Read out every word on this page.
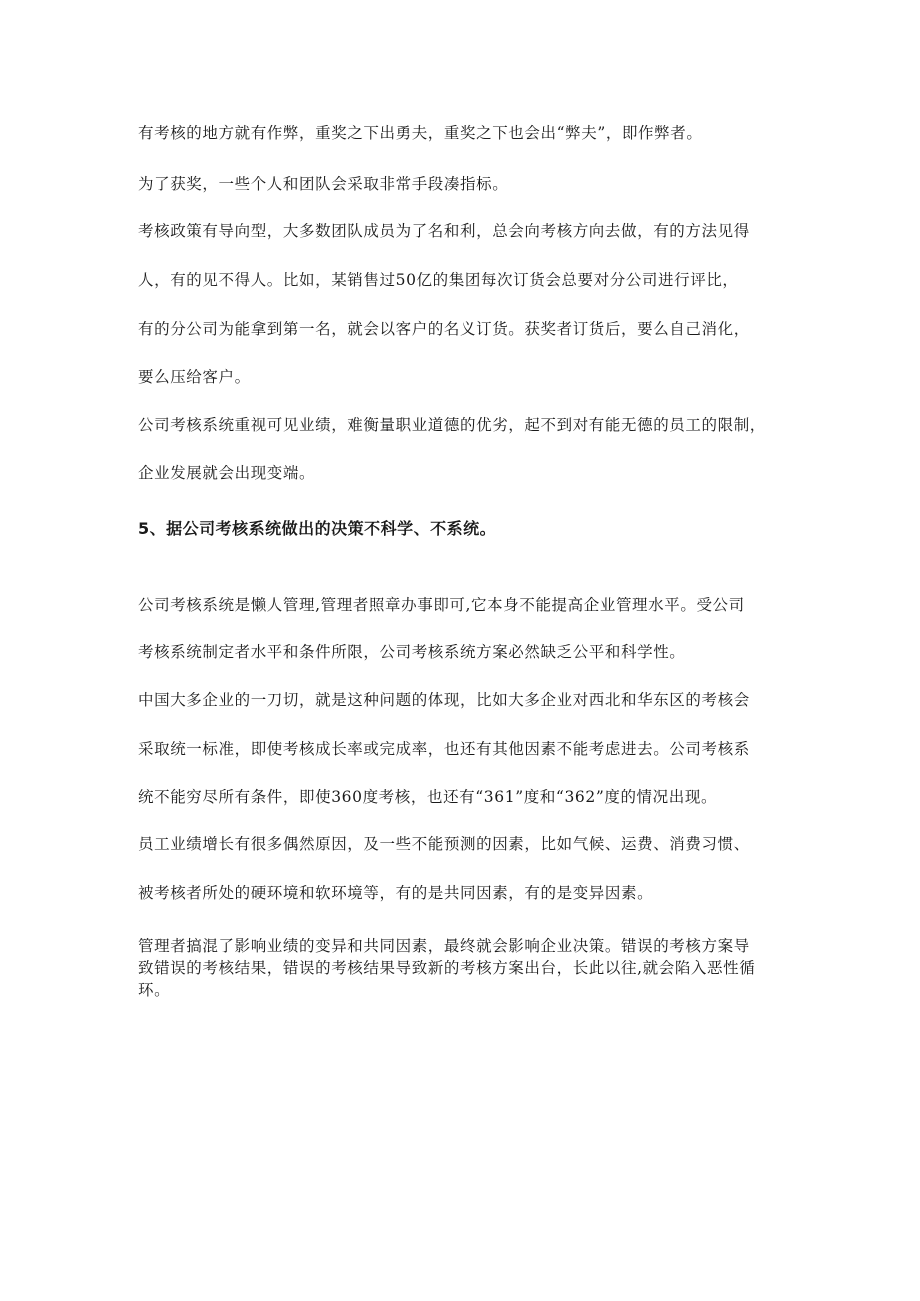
有考核的地方就有作弊，重奖之下出勇夫，重奖之下也会出“弊夫”，即作弊者。
为了获奖，一些个人和团队会采取非常手段凑指标。
考核政策有导向型，大多数团队成员为了名和利，总会向考核方向去做，有的方法见得
人，有的见不得人。比如，某销售过50亿的集团每次订货会总要对分公司进行评比，
有的分公司为能拿到第一名，就会以客户的名义订货。获奖者订货后，要么自己消化，
要么压给客户。
公司考核系统重视可见业绩，难衡量职业道德的优劣，起不到对有能无德的员工的限制，
企业发展就会出现变端。
5、据公司考核系统做出的决策不科学、不系统。
公司考核系统是懒人管理,管理者照章办事即可,它本身不能提高企业管理水平。受公司
考核系统制定者水平和条件所限，公司考核系统方案必然缺乏公平和科学性。
中国大多企业的一刀切，就是这种问题的体现，比如大多企业对西北和华东区的考核会
采取统一标准，即使考核成长率或完成率，也还有其他因素不能考虑进去。公司考核系
统不能穷尽所有条件，即使360度考核，也还有“361”度和“362”度的情况出现。
员工业绩增长有很多偶然原因，及一些不能预测的因素，比如气候、运费、消费习惯、
被考核者所处的硬环境和软环境等，有的是共同因素，有的是变异因素。
管理者搞混了影响业绩的变异和共同因素，最终就会影响企业决策。错误的考核方案导
致错误的考核结果，错误的考核结果导致新的考核方案出台，长此以往,就会陷入恶性循
环。
